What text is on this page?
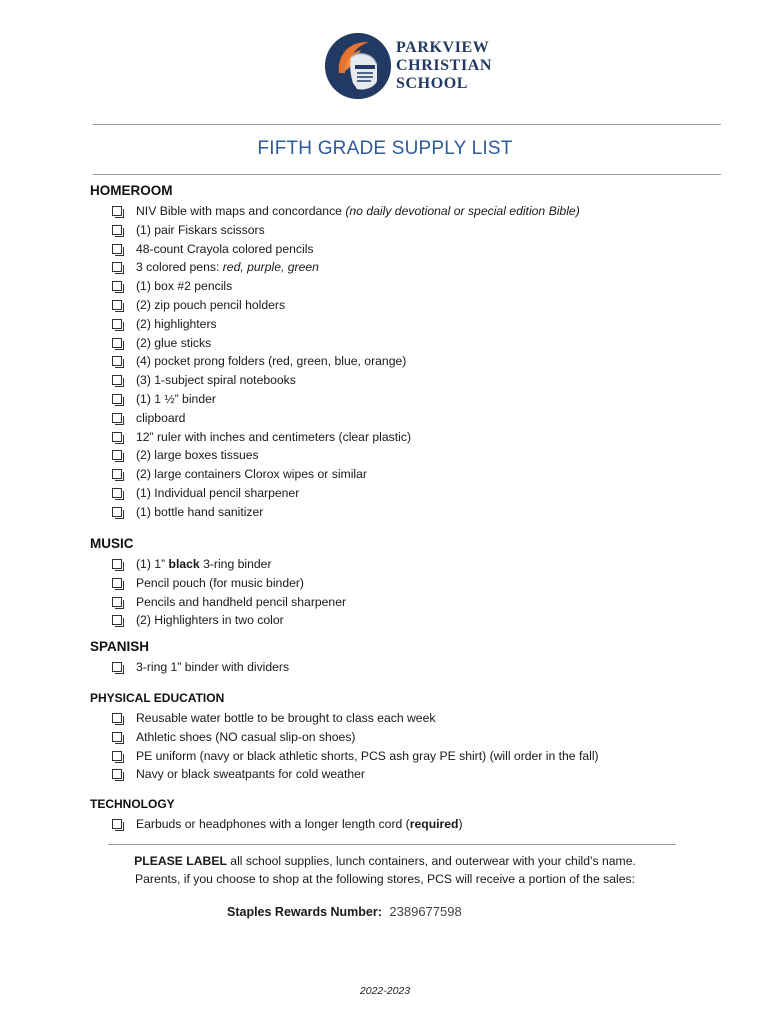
PARKVIEW
CHRISTIAN
SCHOOL
FIFTH GRADE SUPPLY LIST
HOMEROOM
NIV Bible with maps and concordance (no daily devotional or special edition Bible)
(1) pair Fiskars scissors
48-count Crayola colored pencils
3 colored pens: red, purple, green
(1) box #2 pencils
(2) zip pouch pencil holders
(2) highlighters
(2) glue sticks
(4) pocket prong folders (red, green, blue, orange)
(3) 1-subject spiral notebooks
(1) 1 ½” binder
clipboard
12” ruler with inches and centimeters (clear plastic)
(2) large boxes tissues
(2) large containers Clorox wipes or similar
(1) Individual pencil sharpener
(1) bottle hand sanitizer
MUSIC
(1) 1” black 3-ring binder
Pencil pouch (for music binder)
Pencils and handheld pencil sharpener
(2) Highlighters in two color
SPANISH
3-ring 1” binder with dividers
PHYSICAL EDUCATION
Reusable water bottle to be brought to class each week
Athletic shoes (NO casual slip-on shoes)
PE uniform (navy or black athletic shorts, PCS ash gray PE shirt) (will order in the fall)
Navy or black sweatpants for cold weather
TECHNOLOGY
Earbuds or headphones with a longer length cord (required)
PLEASE LABEL all school supplies, lunch containers, and outerwear with your child’s name.
Parents, if you choose to shop at the following stores, PCS will receive a portion of the sales:
Staples Rewards Number: 2389677598
2022-2023
